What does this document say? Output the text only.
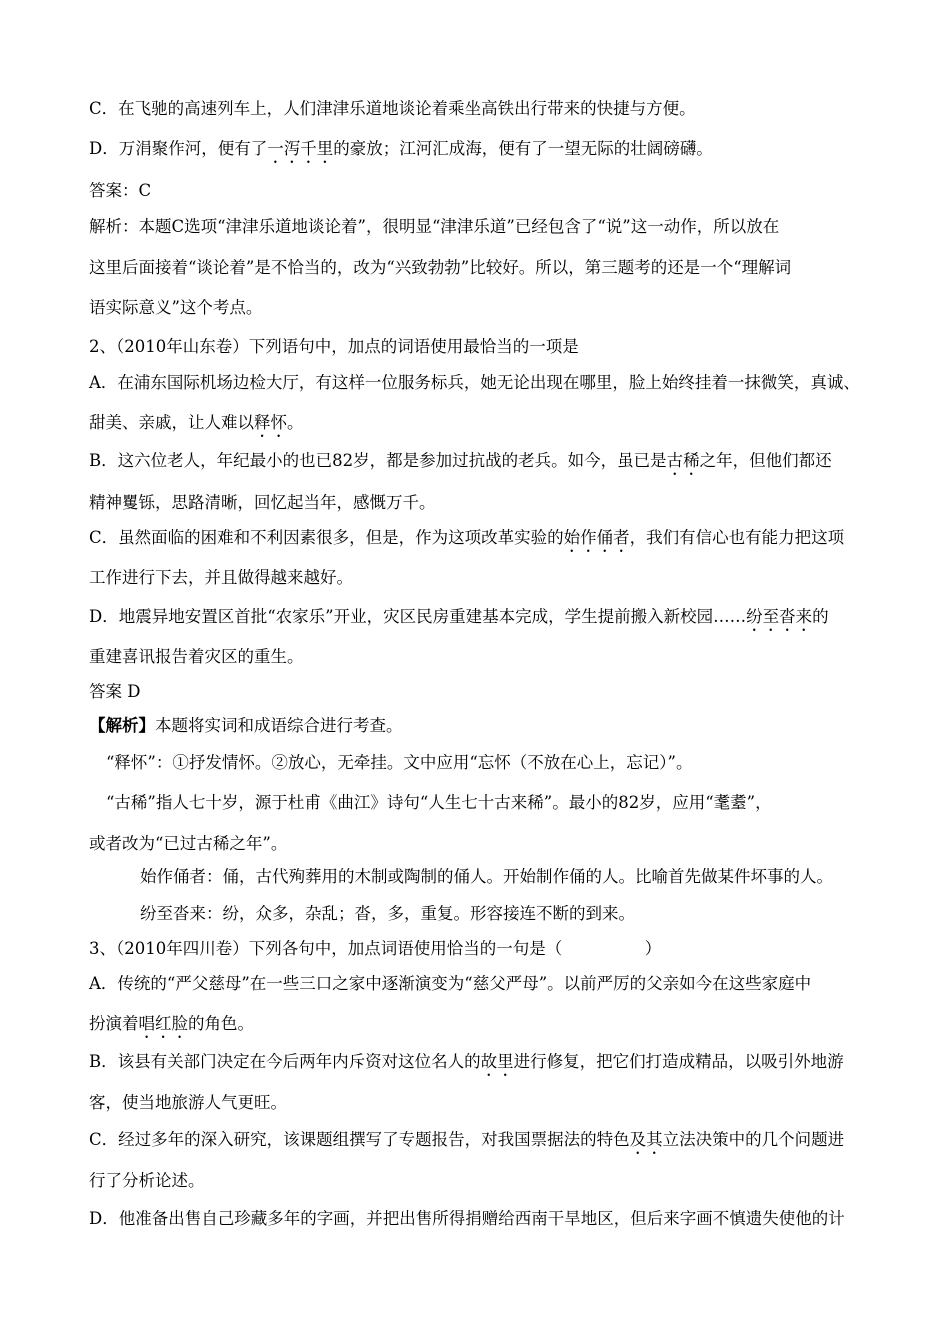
C．在飞驰的高速列车上，人们津津乐道地谈论着乘坐高铁出行带来的快捷与方便。
D．万涓聚作河，便有了一泻千里的豪放；江河汇成海，便有了一望无际的壮阔磅礴。
答案：C
解析：本题C选项“津津乐道地谈论着”，很明显“津津乐道”已经包含了“说”这一动作，所以放在
这里后面接着“谈论着”是不恰当的，改为“兴致勃勃”比较好。所以，第三题考的还是一个“理解词
语实际意义”这个考点。
2、（2010年山东卷）下列语句中，加点的词语使用最恰当的一项是
A．在浦东国际机场边检大厅，有这样一位服务标兵，她无论出现在哪里，脸上始终挂着一抹微笑，真诚、
甜美、亲戚，让人难以释怀。
B．这六位老人，年纪最小的也已82岁，都是参加过抗战的老兵。如今，虽已是古稀之年，但他们都还
精神矍铄，思路清晰，回忆起当年，感慨万千。
C．虽然面临的困难和不利因素很多，但是，作为这项改革实验的始作俑者，我们有信心也有能力把这项
工作进行下去，并且做得越来越好。
D．地震异地安置区首批“农家乐”开业，灾区民房重建基本完成，学生提前搬入新校园……纷至沓来的
重建喜讯报告着灾区的重生。
答案 D
【解析】本题将实词和成语综合进行考查。
“释怀”：①抒发情怀。②放心，无牵挂。文中应用“忘怀（不放在心上，忘记）”。
“古稀”指人七十岁，源于杜甫《曲江》诗句“人生七十古来稀”。最小的82岁，应用“耄耋”，
或者改为“已过古稀之年”。
始作俑者：俑，古代殉葬用的木制或陶制的俑人。开始制作俑的人。比喻首先做某件坏事的人。
纷至沓来：纷，众多，杂乱；沓，多，重复。形容接连不断的到来。
3、（2010年四川卷）下列各句中，加点词语使用恰当的一句是（　　　　　）
A．传统的“严父慈母”在一些三口之家中逐渐演变为“慈父严母”。以前严厉的父亲如今在这些家庭中
扮演着唱红脸的角色。
B．该县有关部门决定在今后两年内斥资对这位名人的故里进行修复，把它们打造成精品，以吸引外地游
客，使当地旅游人气更旺。
C．经过多年的深入研究，该课题组撰写了专题报告，对我国票据法的特色及其立法决策中的几个问题进
行了分析论述。
D．他准备出售自己珍藏多年的字画，并把出售所得捐赠给西南干旱地区，但后来字画不慎遗失使他的计
